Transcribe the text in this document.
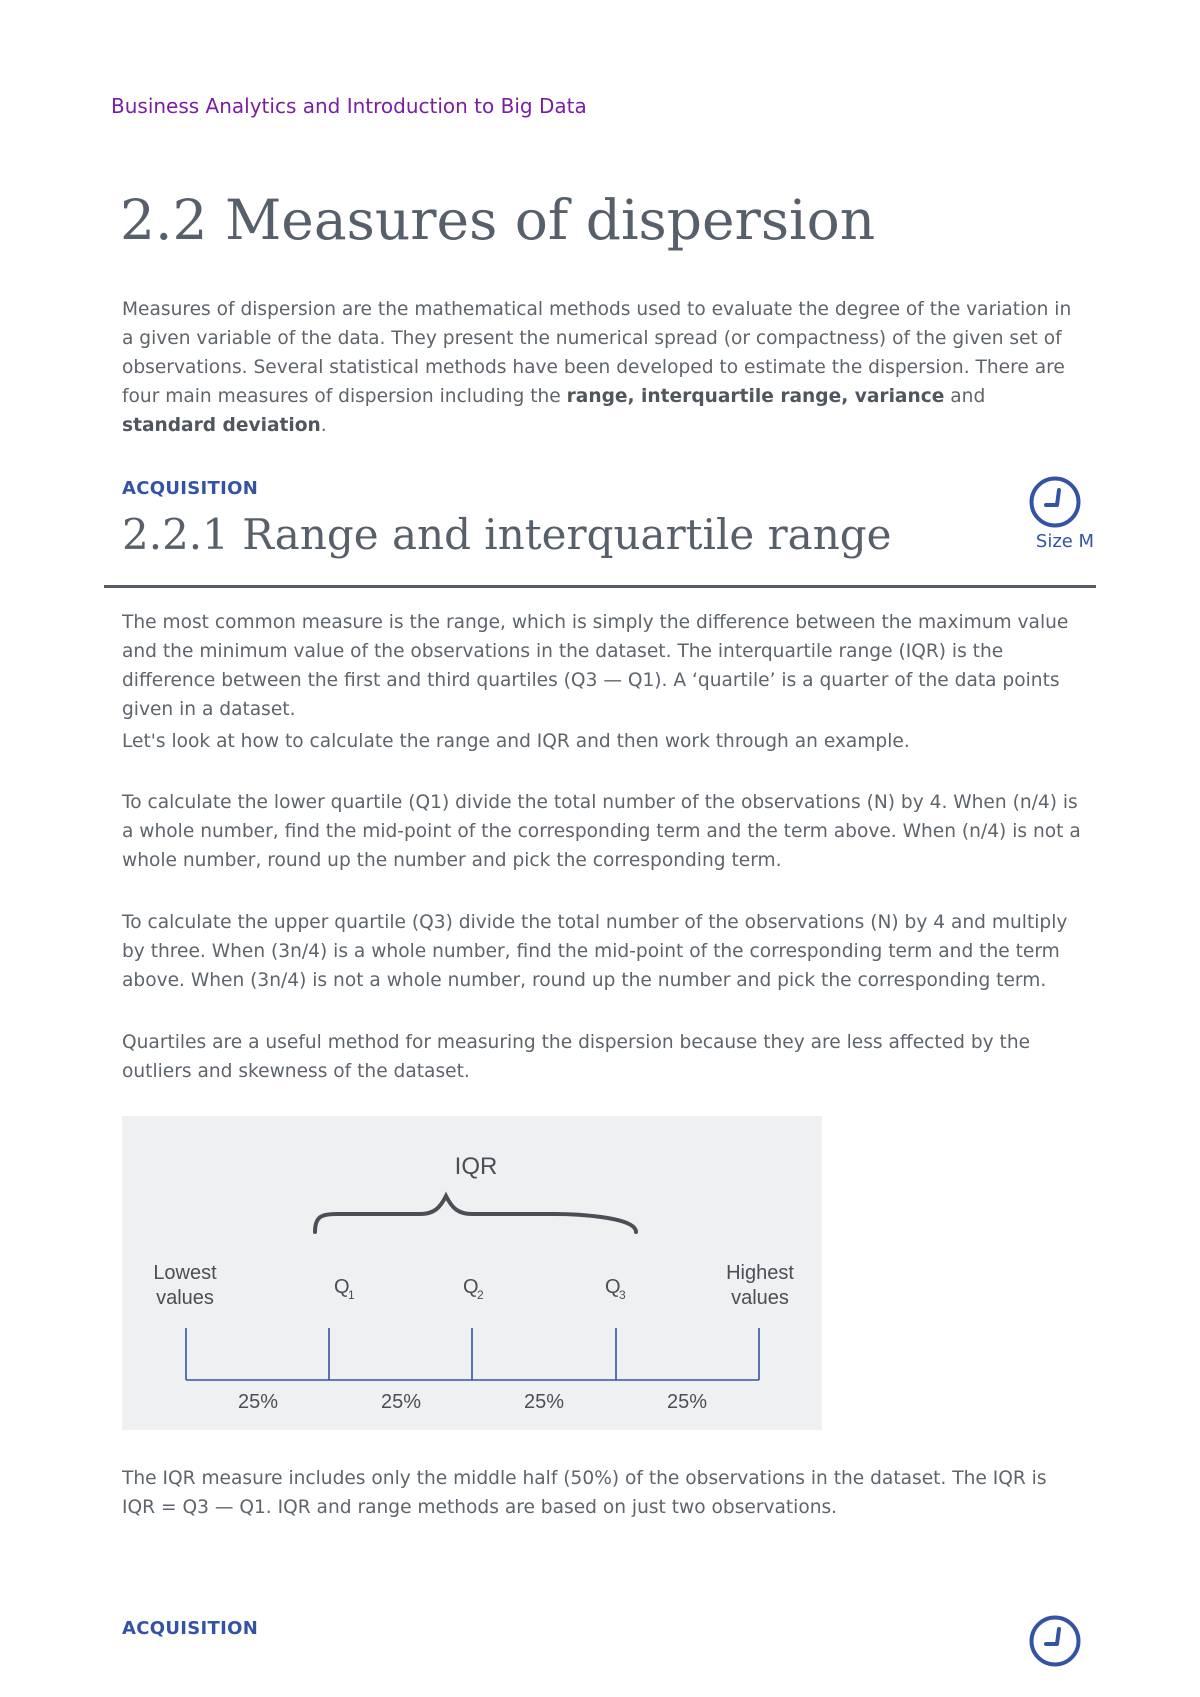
Business Analytics and Introduction to Big Data
2.2 Measures of dispersion

Measures of dispersion are the mathematical methods used to evaluate the degree of the variation in a given variable of the data. They present the numerical spread (or compactness) of the given set of observations. Several statistical methods have been developed to estimate the dispersion. There are four main measures of dispersion including the range, interquartile range, variance and standard deviation.

ACQUISITION
2.2.1 Range and interquartile range	Size M

The most common measure is the range, which is simply the difference between the maximum value and the minimum value of the observations in the dataset. The interquartile range (IQR) is the difference between the first and third quartiles (Q3 — Q1). A ‘quartile’ is a quarter of the data points given in a dataset.

Let's look at how to calculate the range and IQR and then work through an example.

To calculate the lower quartile (Q1) divide the total number of the observations (N) by 4. When (n/4) is a whole number, find the mid-point of the corresponding term and the term above. When (n/4) is not a whole number, round up the number and pick the corresponding term.

To calculate the upper quartile (Q3) divide the total number of the observations (N) by 4 and multiply by three. When (3n/4) is a whole number, find the mid-point of the corresponding term and the term above. When (3n/4) is not a whole number, round up the number and pick the corresponding term.

Quartiles are a useful method for measuring the dispersion because they are less affected by the outliers and skewness of the dataset.

IQR
Lowest
values
Highest
values
Q
1	Q
2	Q
3
25%	25%	25%	25%

The IQR measure includes only the middle half (50%) of the observations in the dataset. The IQR is IQR = Q3 — Q1. IQR and range methods are based on just two observations.

ACQUISITION
